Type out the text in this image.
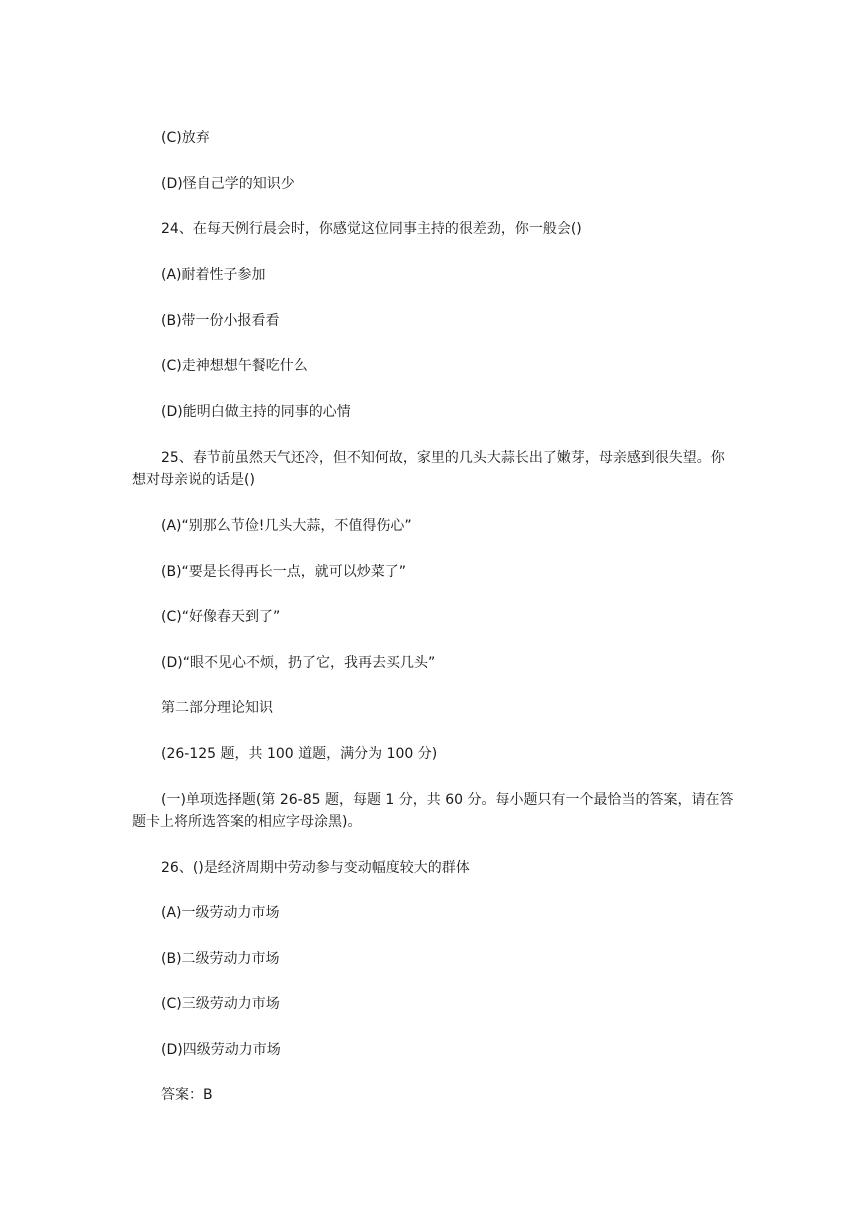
(C)放弃

(D)怪自己学的知识少

24、在每天例行晨会时，你感觉这位同事主持的很差劲，你一般会()

(A)耐着性子参加

(B)带一份小报看看

(C)走神想想午餐吃什么

(D)能明白做主持的同事的心情

25、春节前虽然天气还冷，但不知何故，家里的几头大蒜长出了嫩芽，母亲感到很失望。你想对母亲说的话是()

(A)“别那么节俭!几头大蒜，不值得伤心”

(B)“要是长得再长一点，就可以炒菜了”

(C)“好像春天到了”

(D)“眼不见心不烦，扔了它，我再去买几头”

第二部分理论知识

(26-125 题，共 100 道题，满分为 100 分)

(一)单项选择题(第 26-85 题，每题 1 分，共 60 分。每小题只有一个最恰当的答案，请在答题卡上将所选答案的相应字母涂黑)。

26、()是经济周期中劳动参与变动幅度较大的群体

(A)一级劳动力市场

(B)二级劳动力市场

(C)三级劳动力市场

(D)四级劳动力市场

答案：B
